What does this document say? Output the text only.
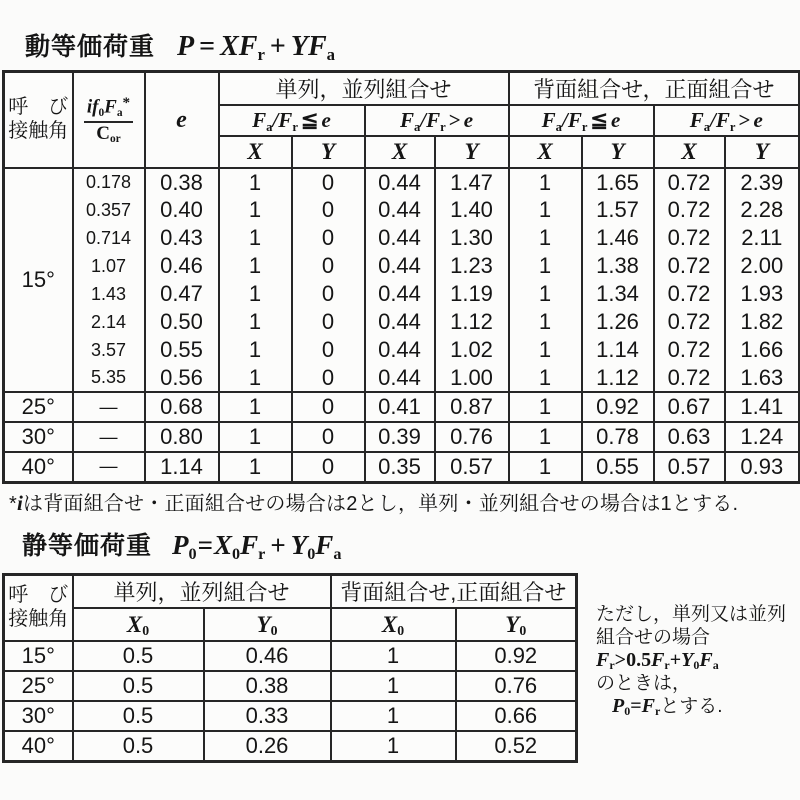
動等価荷重 $P = XF_r + YF_a$
呼　び
接触角	$\frac{if_0F_a^*}{C_{or}}$	e	単列，並列組合せ	背面組合せ，正面組合せ
			$F_a/F_r$ ≦ e		$F_a/F_r > e$		$F_a/F_r$ ≦ e		$F_a/F_r > e$	
			X	Y	X	Y	X	Y	X	Y
15°	0.178	0.38	1	0	0.44	1.47	1	1.65	0.72	2.39
	0.357	0.40	1	0	0.44	1.40	1	1.57	0.72	2.28
	0.714	0.43	1	0	0.44	1.30	1	1.46	0.72	2.11
	1.07	0.46	1	0	0.44	1.23	1	1.38	0.72	2.00
	1.43	0.47	1	0	0.44	1.19	1	1.34	0.72	1.93
	2.14	0.50	1	0	0.44	1.12	1	1.26	0.72	1.82
	3.57	0.55	1	0	0.44	1.02	1	1.14	0.72	1.66
	5.35	0.56	1	0	0.44	1.00	1	1.12	0.72	1.63
25°	—	0.68	1	0	0.41	0.87	1	0.92	0.67	1.41
30°	—	0.80	1	0	0.39	0.76	1	0.78	0.63	1.24
40°	—	1.14	1	0	0.35	0.57	1	0.55	0.57	0.93
*iは背面組合せ・正面組合せの場合は2とし，単列・並列組合せの場合は1とする.
静等価荷重 $P_0=X_0F_r + Y_0F_a$
呼　び
接触角	単列，並列組合せ		背面組合せ,正面組合せ	
	$X_0$	$Y_0$	$X_0$	$Y_0$
15°	0.5	0.46	1	0.92
25°	0.5	0.38	1	0.76
30°	0.5	0.33	1	0.66
40°	0.5	0.26	1	0.52
ただし，単列又は並列
組合せの場合
$F_r>0.5F_r+Y_0F_a$
のときは，
$P_0=F_r$とする.
